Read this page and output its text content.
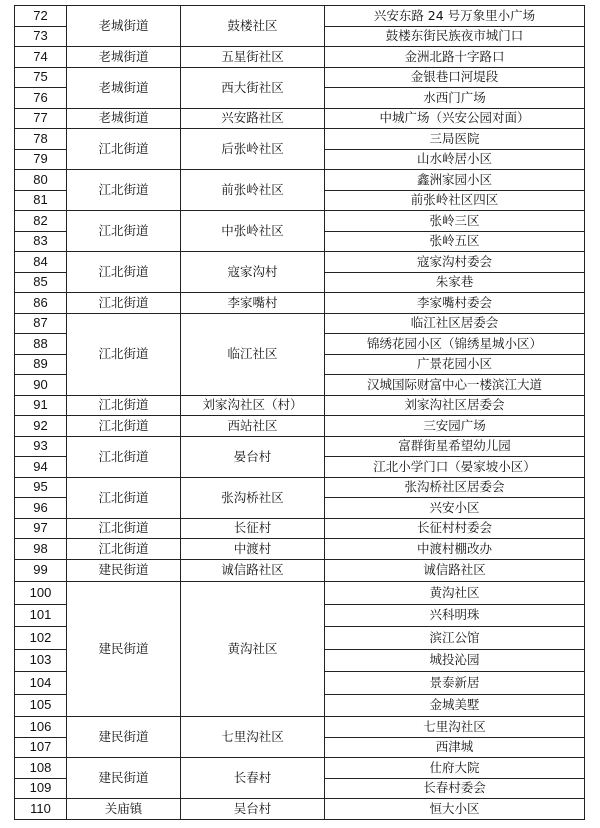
72	老城街道	鼓楼社区	兴安东路 24 号万象里小广场
73			鼓楼东街民族夜市城门口
74	老城街道	五星街社区	金洲北路十字路口
75	老城街道	西大街社区	金银巷口河堤段
76			水西门广场
77	老城街道	兴安路社区	中城广场（兴安公园对面）
78	江北街道	后张岭社区	三局医院
79			山水岭居小区
80	江北街道	前张岭社区	鑫洲家园小区
81			前张岭社区四区
82	江北街道	中张岭社区	张岭三区
83			张岭五区
84	江北街道	寇家沟村	寇家沟村委会
85			朱家巷
86	江北街道	李家嘴村	李家嘴村委会
87	江北街道	临江社区	临江社区居委会
88			锦绣花园小区（锦绣星城小区）
89			广景花园小区
90			汉城国际财富中心一楼滨江大道
91	江北街道	刘家沟社区（村）	刘家沟社区居委会
92	江北街道	西站社区	三安园广场
93	江北街道	晏台村	富群街星希望幼儿园
94			江北小学门口（晏家坡小区）
95	江北街道	张沟桥社区	张沟桥社区居委会
96			兴安小区
97	江北街道	长征村	长征村村委会
98	江北街道	中渡村	中渡村棚改办
99	建民街道	诚信路社区	诚信路社区
100	建民街道	黄沟社区	黄沟社区
101			兴科明珠
102			滨江公馆
103			城投沁园
104			景泰新居
105			金城美墅
106	建民街道	七里沟社区	七里沟社区
107			西津城
108	建民街道	长春村	仕府大院
109			长春村委会
110	关庙镇	吴台村	恒大小区
